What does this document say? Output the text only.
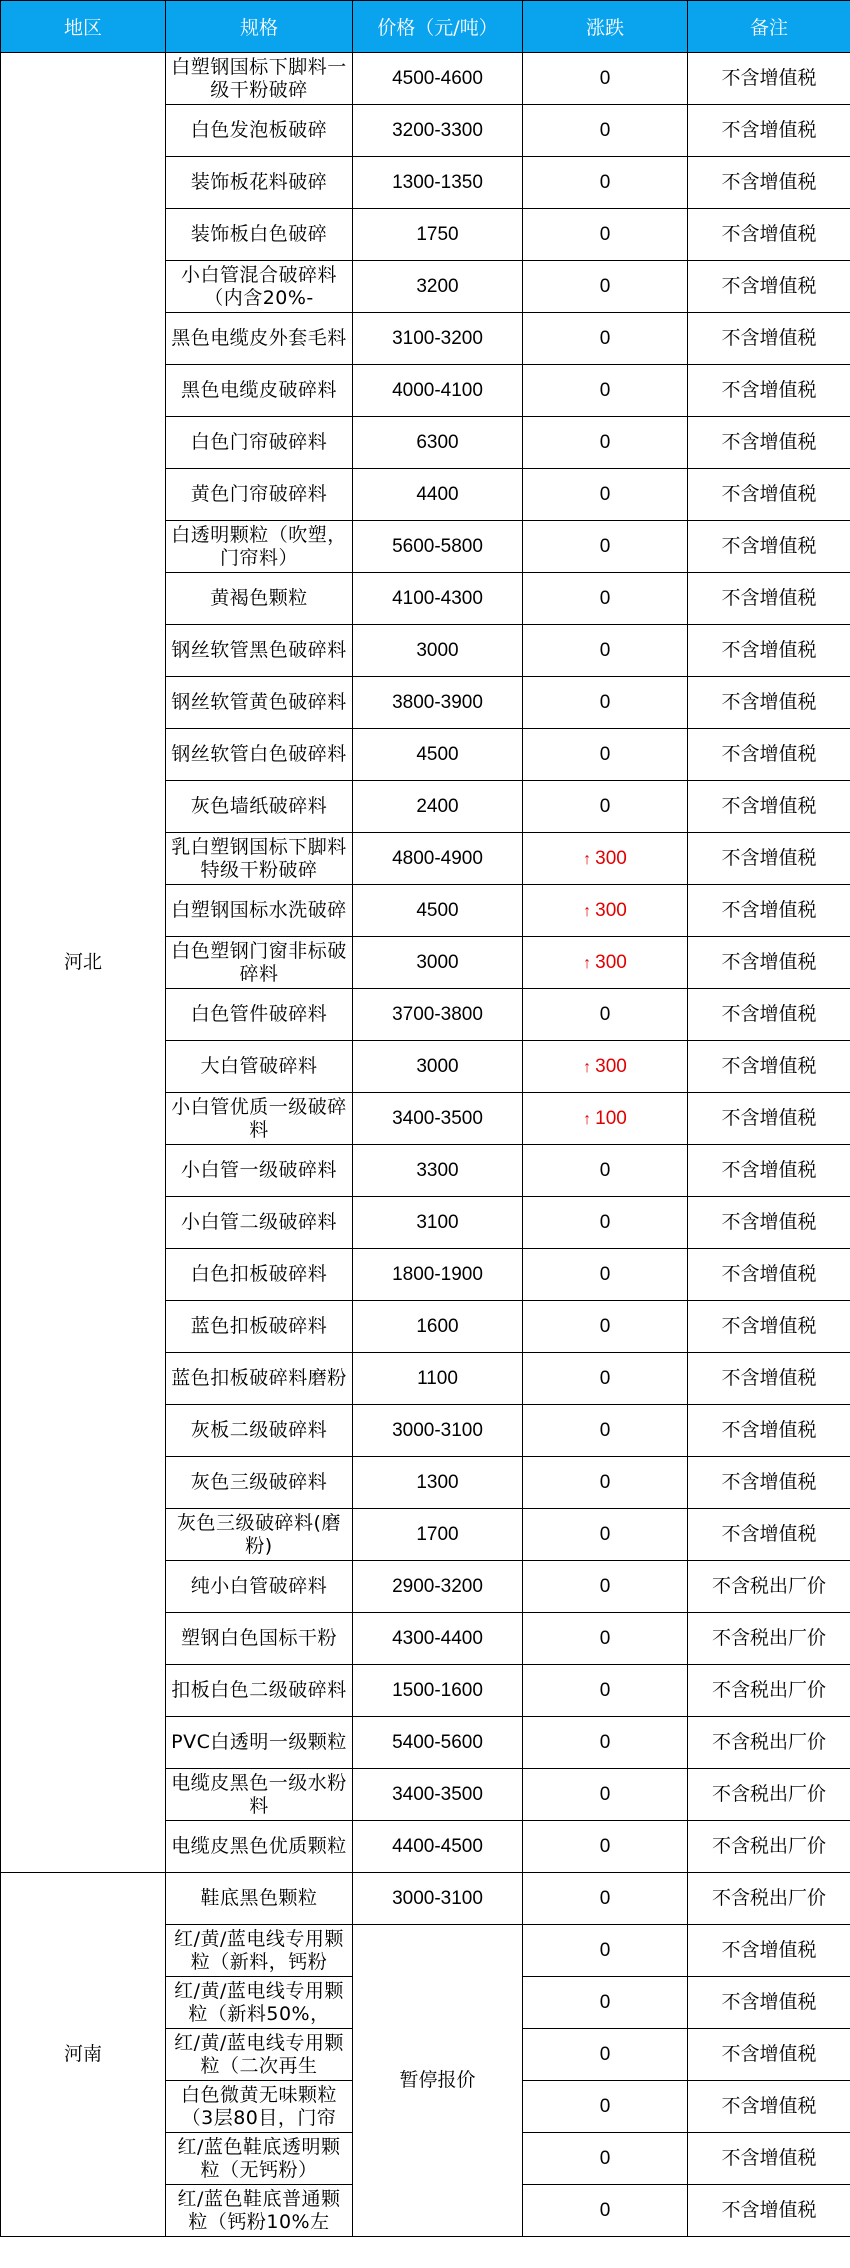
地区	规格	价格（元/吨）	涨跌	备注
河北	白塑钢国标下脚料一级干粉破碎	4500-4600	0	不含增值税

	白色发泡板破碎	3200-3300	0	不含增值税

	装饰板花料破碎	1300-1350	0	不含增值税

	装饰板白色破碎	1750	0	不含增值税

	小白管混合破碎料（内含20%-	3200	0	不含增值税

	黑色电缆皮外套毛料	3100-3200	0	不含增值税

	黑色电缆皮破碎料	4000-4100	0	不含增值税

	白色门帘破碎料	6300	0	不含增值税

	黄色门帘破碎料	4400	0	不含增值税

	白透明颗粒（吹塑，门帘料）	5600-5800	0	不含增值税

	黄褐色颗粒	4100-4300	0	不含增值税

	钢丝软管黑色破碎料	3000	0	不含增值税

	钢丝软管黄色破碎料	3800-3900	0	不含增值税

	钢丝软管白色破碎料	4500	0	不含增值税

	灰色墙纸破碎料	2400	0	不含增值税

	乳白塑钢国标下脚料特级干粉破碎	4800-4900	↑ 300	不含增值税

	白塑钢国标水洗破碎	4500	↑ 300	不含增值税

	白色塑钢门窗非标破碎料	3000	↑ 300	不含增值税

	白色管件破碎料	3700-3800	0	不含增值税

	大白管破碎料	3000	↑ 300	不含增值税

	小白管优质一级破碎料	3400-3500	↑ 100	不含增值税

	小白管一级破碎料	3300	0	不含增值税

	小白管二级破碎料	3100	0	不含增值税

	白色扣板破碎料	1800-1900	0	不含增值税

	蓝色扣板破碎料	1600	0	不含增值税

	蓝色扣板破碎料磨粉	1100	0	不含增值税

	灰板二级破碎料	3000-3100	0	不含增值税

	灰色三级破碎料	1300	0	不含增值税

	灰色三级破碎料(磨粉)	1700	0	不含增值税

	纯小白管破碎料	2900-3200	0	不含税出厂价

	塑钢白色国标干粉	4300-4400	0	不含税出厂价

	扣板白色二级破碎料	1500-1600	0	不含税出厂价

	PVC白透明一级颗粒	5400-5600	0	不含税出厂价

	电缆皮黑色一级水粉料	3400-3500	0	不含税出厂价

	电缆皮黑色优质颗粒	4400-4500	0	不含税出厂价
河南	鞋底黑色颗粒	3000-3100	0	不含税出厂价

	红/黄/蓝电线专用颗粒（新料，钙粉	暂停报价	0	不含增值税

	红/黄/蓝电线专用颗粒（新料50%，		0	不含增值税

	红/黄/蓝电线专用颗粒（二次再生		0	不含增值税

	白色微黄无味颗粒（3层80目，门帘		0	不含增值税

	红/蓝色鞋底透明颗粒（无钙粉）		0	不含增值税

	红/蓝色鞋底普通颗粒（钙粉10%左		0	不含增值税
